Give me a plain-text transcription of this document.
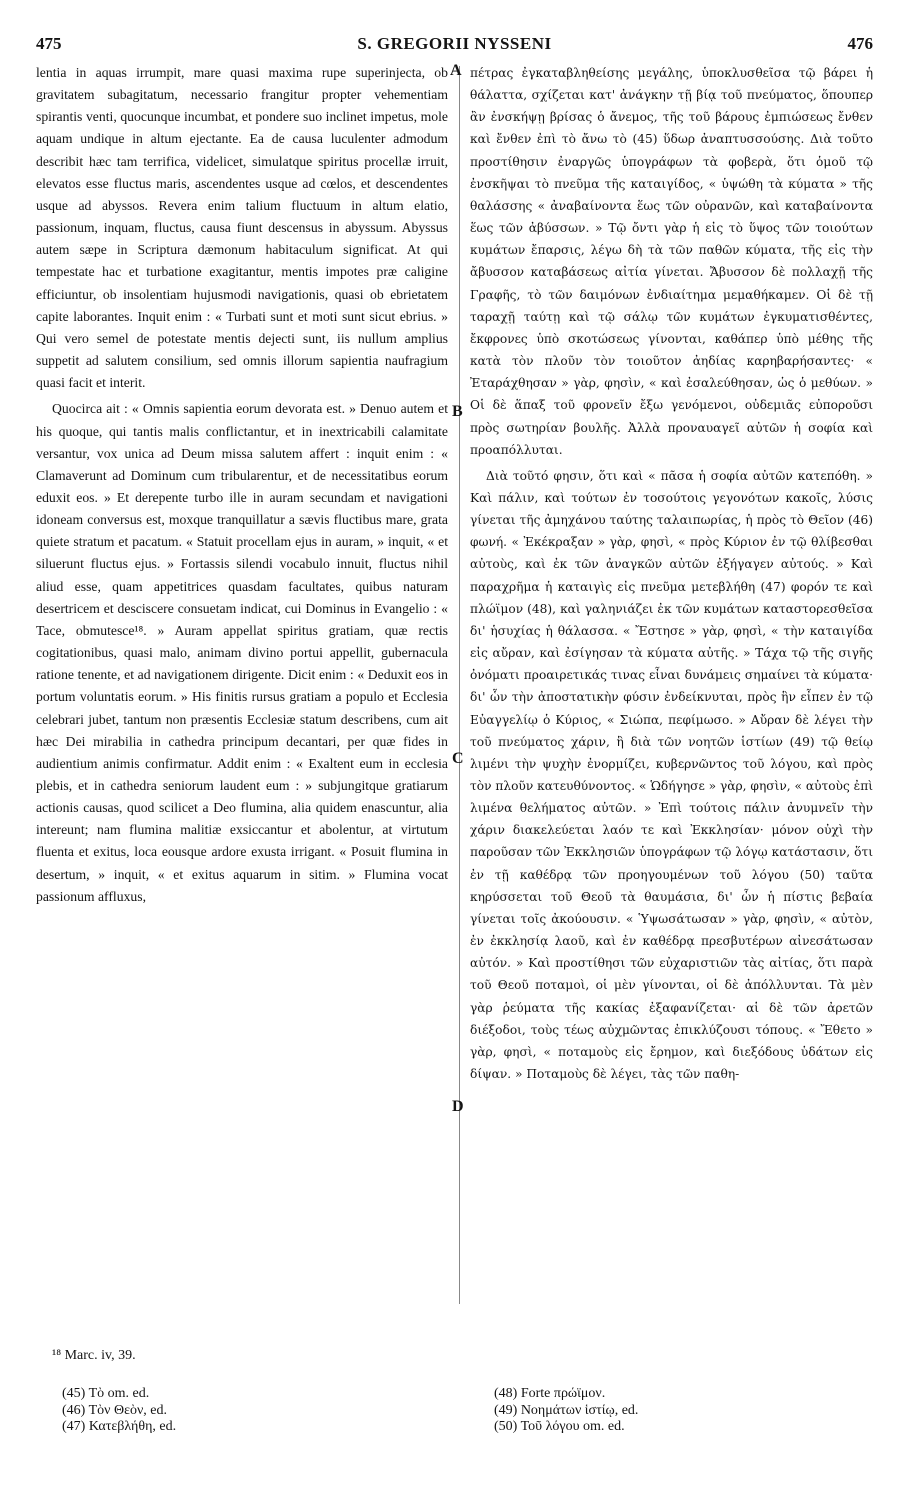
475	S. GREGORII NYSSENI	476

lentia in aquas irrumpit, mare quasi maxima rupe superinjecta, ob gravitatem subagitatum, necessario frangitur propter vehementiam spirantis venti, quocunque incumbat, et pondere suo inclinet impetus, mole aquam undique in altum ejectante. Ea de causa luculenter admodum describit hæc tam terrifica, videlicet, simulatque spiritus procellæ irruit, elevatos esse fluctus maris, ascendentes usque ad cœlos, et descendentes usque ad abyssos. Revera enim talium fluctuum in altum elatio, passionum, inquam, fluctus, causa fiunt descensus in abyssum. Abyssus autem sæpe in Scriptura dæmonum habitaculum significat. At qui tempestate hac et turbatione exagitantur, mentis impotes præ caligine efficiuntur, ob insolentiam hujusmodi navigationis, quasi ob ebrietatem capite laborantes. Inquit enim : « Turbati sunt et moti sunt sicut ebrius. » Qui vero semel de potestate mentis dejecti sunt, iis nullum amplius suppetit ad salutem consilium, sed omnis illorum sapientia naufragium quasi facit et interit.

Quocirca ait : « Omnis sapientia eorum devorata est. » Denuo autem et his quoque, qui tantis malis conflictantur, et in inextricabili calamitate versantur, vox unica ad Deum missa salutem affert : inquit enim : « Clamaverunt ad Dominum cum tribularentur, et de necessitatibus eorum eduxit eos. » Et derepente turbo ille in auram secundam et navigationi idoneam conversus est, moxque tranquillatur a sævis fluctibus mare, grata quiete stratum et pacatum. « Statuit procellam ejus in auram, » inquit, « et siluerunt fluctus ejus. » Fortassis silendi vocabulo innuit, fluctus nihil aliud esse, quam appetitrices quasdam facultates, quibus naturam desertricem et desciscere consuetam indicat, cui Dominus in Evangelio : « Tace, obmutesce¹⁸. » Auram appellat spiritus gratiam, quæ rectis cogitationibus, quasi malo, animam divino portui appellit, gubernacula ratione tenente, et ad navigationem dirigente. Dicit enim : « Deduxit eos in portum voluntatis eorum. » His finitis rursus gratiam a populo et Ecclesia celebrari jubet, tantum non præsentis Ecclesiæ statum describens, cum ait hæc Dei mirabilia in cathedra principum decantari, per quæ fides in audientium animis confirmatur. Addit enim : « Exaltent eum in ecclesia plebis, et in cathedra seniorum laudent eum : » subjungitque gratiarum actionis causas, quod scilicet a Deo flumina, alia quidem enascuntur, alia intereunt; nam flumina malitiæ exsiccantur et abolentur, at virtutum fluenta et exitus, loca eousque ardore exusta irrigant. « Posuit flumina in desertum, » inquit, « et exitus aquarum in sitim. » Flumina vocat passionum affluxus,

A
B
C
D

πέτρας ἐγκαταβληθείσης μεγάλης, ὑποκλυσθεῖσα τῷ βάρει ἡ θάλαττα, σχίζεται κατ' ἀνάγκην τῇ βίᾳ τοῦ πνεύματος, ὅπουπερ ἂν ἐνσκήψῃ βρίσας ὁ ἄνεμος, τῆς τοῦ βάρους ἐμπιώσεως ἔνθεν καὶ ἔνθεν ἐπὶ τὸ ἄνω τὸ (45) ὕδωρ ἀναπτυσσούσης. Διὰ τοῦτο προστίθησιν ἐναργῶς ὑπογράφων τὰ φοβερὰ, ὅτι ὁμοῦ τῷ ἐνσκῆψαι τὸ πνεῦμα τῆς καταιγίδος, « ὑψώθη τὰ κύματα » τῆς θαλάσσης « ἀναβαίνοντα ἕως τῶν οὐρανῶν, καὶ καταβαίνοντα ἕως τῶν ἀβύσσων. » Τῷ ὄντι γὰρ ἡ εἰς τὸ ὕψος τῶν τοιούτων κυμάτων ἔπαρσις, λέγω δὴ τὰ τῶν παθῶν κύματα, τῆς εἰς τὴν ἄβυσσον καταβάσεως αἰτία γίνεται. Ἄβυσσον δὲ πολλαχῇ τῆς Γραφῆς, τὸ τῶν δαιμόνων ἐνδιαίτημα μεμαθήκαμεν. Οἱ δὲ τῇ ταραχῇ ταύτῃ καὶ τῷ σάλῳ τῶν κυμάτων ἐγκυματισθέντες, ἔκφρονες ὑπὸ σκοτώσεως γίνονται, καθάπερ ὑπὸ μέθης τῆς κατὰ τὸν πλοῦν τὸν τοιοῦτον ἀηδίας καρηβαρήσαντες· « Ἐταράχθησαν » γὰρ, φησὶν, « καὶ ἐσαλεύθησαν, ὡς ὁ μεθύων. » Οἱ δὲ ἅπαξ τοῦ φρονεῖν ἔξω γενόμενοι, οὐδεμιᾶς εὐποροῦσι πρὸς σωτηρίαν βουλῆς. Ἀλλὰ προναυαγεῖ αὐτῶν ἡ σοφία καὶ προαπόλλυται.

Διὰ τοῦτό φησιν, ὅτι καὶ « πᾶσα ἡ σοφία αὐτῶν κατεπόθη. » Καὶ πάλιν, καὶ τούτων ἐν τοσούτοις γεγονότων κακοῖς, λύσις γίνεται τῆς ἀμηχάνου ταύτης ταλαιπωρίας, ἡ πρὸς τὸ Θεῖον (46) φωνή. « Ἐκέκραξαν » γὰρ, φησὶ, « πρὸς Κύριον ἐν τῷ θλίβεσθαι αὐτοὺς, καὶ ἐκ τῶν ἀναγκῶν αὐτῶν ἐξήγαγεν αὐτούς. » Καὶ παραχρῆμα ἡ καταιγὶς εἰς πνεῦμα μετεβλήθη (47) φορόν τε καὶ πλώϊμον (48), καὶ γαληνιάζει ἐκ τῶν κυμάτων καταστορεσθεῖσα δι' ἡσυχίας ἡ θάλασσα. « Ἔστησε » γὰρ, φησὶ, « τὴν καταιγίδα εἰς αὔραν, καὶ ἐσίγησαν τὰ κύματα αὐτῆς. » Τάχα τῷ τῆς σιγῆς ὀνόματι προαιρετικάς τινας εἶναι δυνάμεις σημαίνει τὰ κύματα· δι' ὧν τὴν ἀποστατικὴν φύσιν ἐνδείκνυται, πρὸς ἣν εἶπεν ἐν τῷ Εὐαγγελίῳ ὁ Κύριος, « Σιώπα, πεφίμωσο. » Αὔραν δὲ λέγει τὴν τοῦ πνεύματος χάριν, ἣ διὰ τῶν νοητῶν ἱστίων (49) τῷ θείῳ λιμένι τὴν ψυχὴν ἐνορμίζει, κυβερνῶντος τοῦ λόγου, καὶ πρὸς τὸν πλοῦν κατευθύνοντος. « Ὡδήγησε » γὰρ, φησὶν, « αὐτοὺς ἐπὶ λιμένα θελήματος αὐτῶν. » Ἐπὶ τούτοις πάλιν ἀνυμνεῖν τὴν χάριν διακελεύεται λαόν τε καὶ Ἐκκλησίαν· μόνον οὐχὶ τὴν παροῦσαν τῶν Ἐκκλησιῶν ὑπογράφων τῷ λόγῳ κατάστασιν, ὅτι ἐν τῇ καθέδρᾳ τῶν προηγουμένων τοῦ λόγου (50) ταῦτα κηρύσσεται τοῦ Θεοῦ τὰ θαυμάσια, δι' ὧν ἡ πίστις βεβαία γίνεται τοῖς ἀκούουσιν. « Ὑψωσάτωσαν » γὰρ, φησὶν, « αὐτὸν, ἐν ἐκκλησίᾳ λαοῦ, καὶ ἐν καθέδρᾳ πρεσβυτέρων αἰνεσάτωσαν αὐτόν. » Καὶ προστίθησι τῶν εὐχαριστιῶν τὰς αἰτίας, ὅτι παρὰ τοῦ Θεοῦ ποταμοὶ, οἱ μὲν γίνονται, οἱ δὲ ἀπόλλυνται. Τὰ μὲν γὰρ ῥεύματα τῆς κακίας ἐξαφανίζεται· αἱ δὲ τῶν ἀρετῶν διέξοδοι, τοὺς τέως αὐχμῶντας ἐπικλύζουσι τόπους. « Ἔθετο » γὰρ, φησὶ, « ποταμοὺς εἰς ἔρημον, καὶ διεξόδους ὑδάτων εἰς δίψαν. » Ποταμοὺς δὲ λέγει, τὰς τῶν παθη-

¹⁸ Marc. iv, 39.
(45) Τὸ om. ed.
(46) Τὸν Θεὸν, ed.
(47) Κατεβλήθη, ed.
(48) Forte πρώϊμον.
(49) Νοημάτων ἱστίῳ, ed.
(50) Τοῦ λόγου om. ed.
